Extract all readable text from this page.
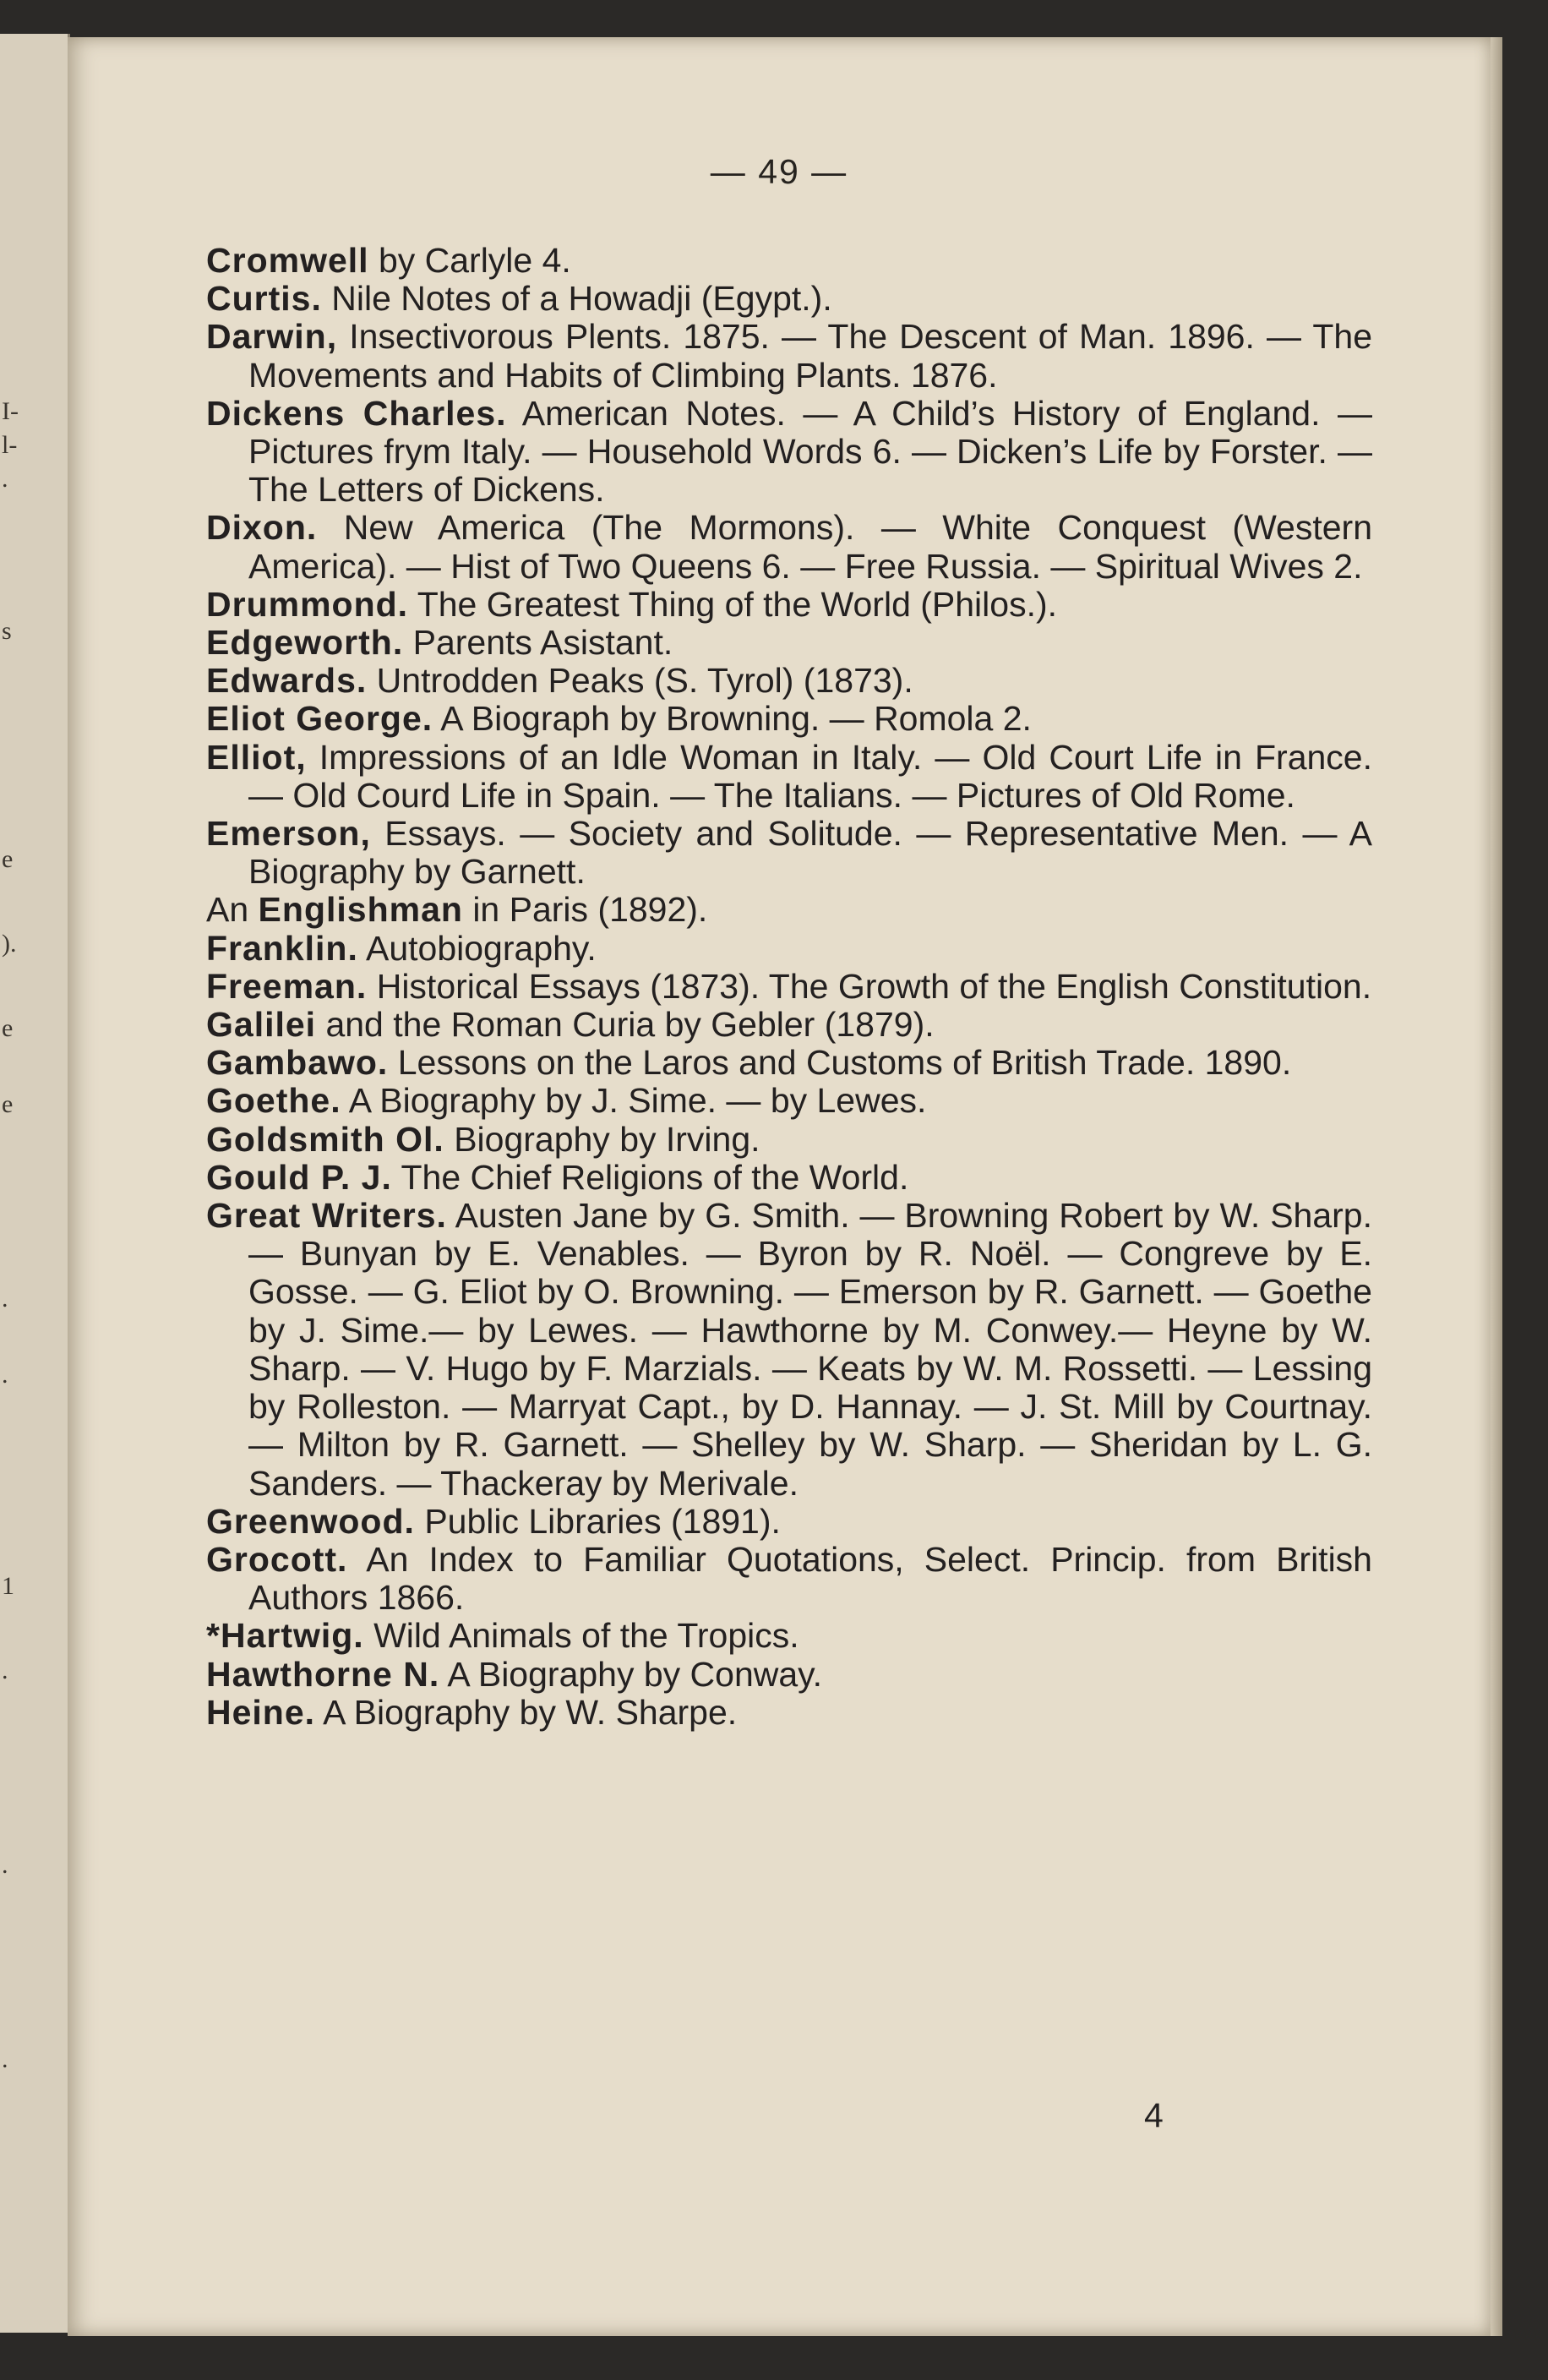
I-
l-
.
s
e
).
e
e
.
.
1
.
.
.
— 49 —
Cromwell by Carlyle 4.
Curtis. Nile Notes of a Howadji (Egypt.).
Darwin, Insectivorous Plents. 1875. — The Descent of Man. 1896. — The Movements and Habits of Climbing Plants. 1876.
Dickens Charles. American Notes. — A Child’s History of England. — Pictures frym Italy. — Household Words 6. — Dicken’s Life by Forster. — The Letters of Dickens.
Dixon. New America (The Mormons). — White Conquest (Western America). — Hist of Two Queens 6. — Free Russia. — Spiritual Wives 2.
Drummond. The Greatest Thing of the World (Philos.).
Edgeworth. Parents Asistant.
Edwards. Untrodden Peaks (S. Tyrol) (1873).
Eliot George. A Biograph by Browning. — Romola 2.
Elliot, Impressions of an Idle Woman in Italy. — Old Court Life in France. — Old Courd Life in Spain. — The Italians. — Pictures of Old Rome.
Emerson, Essays. — Society and Solitude. — Representative Men. — A Biography by Garnett.
An Englishman in Paris (1892).
Franklin. Autobiography.
Freeman. Historical Essays (1873). The Growth of the English Constitution.
Galilei and the Roman Curia by Gebler (1879).
Gambawo. Lessons on the Laros and Customs of British Trade. 1890.
Goethe. A Biography by J. Sime. — by Lewes.
Goldsmith Ol. Biography by Irving.
Gould P. J. The Chief Religions of the World.
Great Writers. Austen Jane by G. Smith. — Browning Robert by W. Sharp. — Bunyan by E. Venables. — Byron by R. Noël. — Congreve by E. Gosse. — G. Eliot by O. Browning. — Emerson by R. Garnett. — Goethe by J. Sime.— by Lewes. — Hawthorne by M. Conwey.— Heyne by W. Sharp. — V. Hugo by F. Marzials. — Keats by W. M. Rossetti. — Lessing by Rolleston. — Marryat Capt., by D. Hannay. — J. St. Mill by Courtnay. — Milton by R. Garnett. — Shelley by W. Sharp. — Sheridan by L. G. Sanders. — Thackeray by Merivale.
Greenwood. Public Libraries (1891).
Grocott. An Index to Familiar Quotations, Select. Princip. from British Authors 1866.
*Hartwig. Wild Animals of the Tropics.
Hawthorne N. A Biography by Conway.
Heine. A Biography by W. Sharpe.
4
